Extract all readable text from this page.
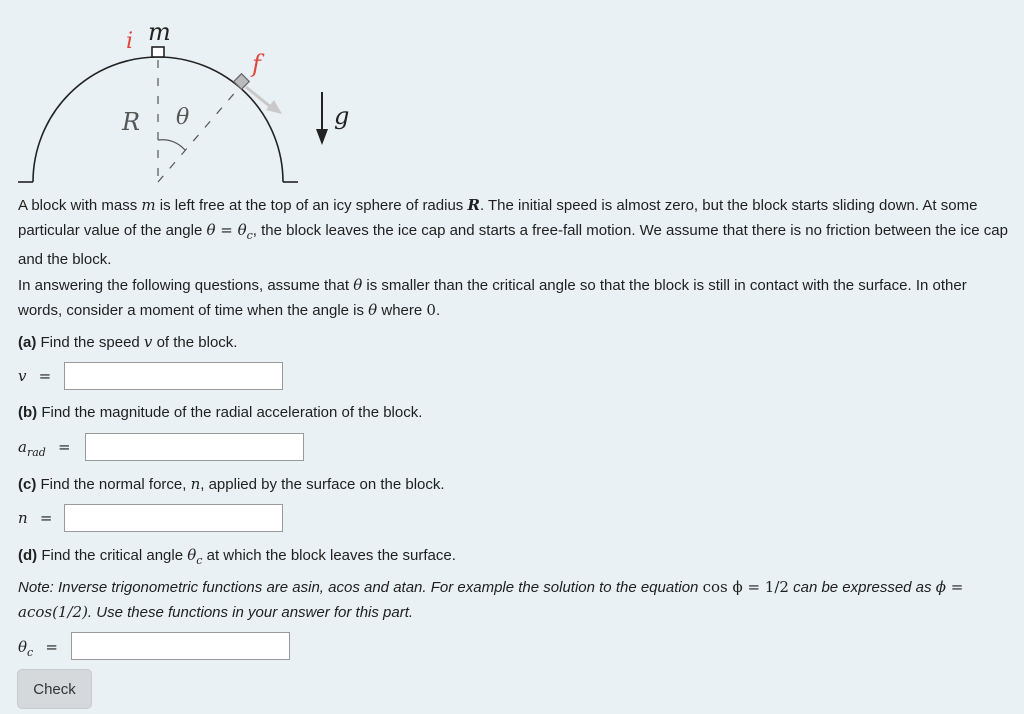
i m
f
R θ	g

A block with mass m is left free at the top of an icy sphere of radius R. The initial speed is almost zero, but the block starts sliding down. At some particular value of the angle $\theta = \theta_c$, the block leaves the ice cap and starts a free-fall motion. We assume that there is no friction between the ice cap and the block.

In answering the following questions, assume that θ is smaller than the critical angle so that the block is still in contact with the surface. In other words, consider a moment of time when the angle is θ where 0.

(a) Find the speed v of the block.

v =

(b) Find the magnitude of the radial acceleration of the block.

$a_{rad}$ =

(c) Find the normal force, n, applied by the surface on the block.

n =

(d) Find the critical angle $\theta_c$ at which the block leaves the surface.

Note: Inverse trigonometric functions are asin, acos and atan. For example the solution to the equation cos ϕ = 1/2 can be expressed as ϕ = acos(1/2). Use these functions in your answer for this part.

$\theta_c$ =
Check
